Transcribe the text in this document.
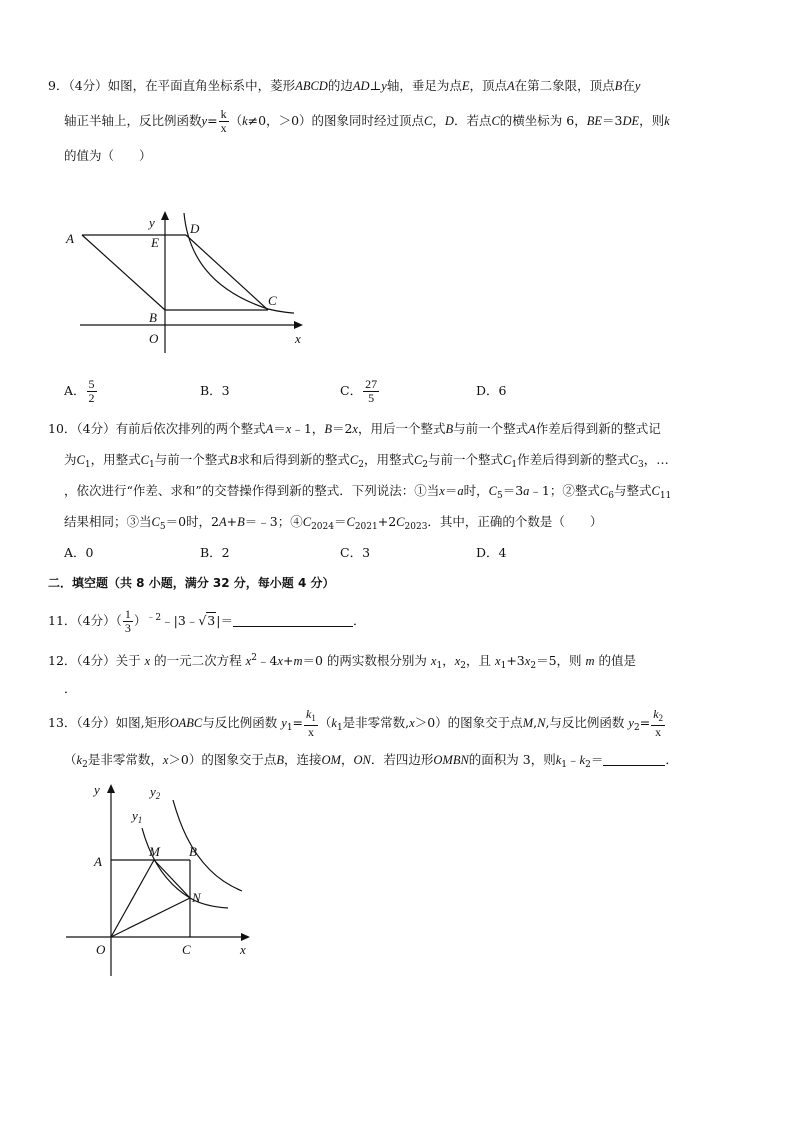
9．（4分）如图，在平面直角坐标系中，菱形ABCD的边AD⊥y轴，垂足为点E，顶点A在第二象限，顶点B在y
轴正半轴上，反比例函数$y= \frac{k}{x} (k\ne 0$，＞0）的图象同时经过顶点C，D．若点C的横坐标为 6，BE＝3DE，则k
的值为（　　）
A	E
D
y
C
B
O	x
A． $\frac{5}{2}$	B．3	C． $\frac{27}{5}$	D．6
10．（4分）有前后依次排列的两个整式A＝x﹣1，B＝2x，用后一个整式B与前一个整式A作差后得到新的整式记
为$C_1$，用整式$C_1$与前一个整式B求和后得到新的整式$C_2$，用整式$C_2$与前一个整式$C_1$作差后得到新的整式$C_3$，…
，依次进行“作差、求和”的交替操作得到新的整式．下列说法：①当x＝a时，$C_5=3a﹣1$；②整式$C_6$与整式$C_{11}$
结果相同；③当$C_5=0$时，2A+B＝﹣3；$④C_{2024}=C_{2021}+2C_{2023}$．其中，正确的个数是（　　）
A．0	B．2	C．3	D．4
二．填空题（共 8 小题，满分 32 分，每小题 4 分）
11．（4分）（ $\frac{1}{3}$ ）$^{﹣2}$﹣|3﹣√3|＝	．
12．（4分）关于 x 的一元二次方程 $x^2﹣4x+m=0$ 的两实数根分别为 $x_1$，$x_2$，且 $x_1+3x_2=5$，则 m 的值是
．
13．（4分）如图,矩形OABC与反比例函数 $y_1= \frac{k_1}{x} (k_1$是非零常数,x＞0）的图象交于点M,N,与反比例函数 $y_2= \frac{k_2}{x}$
（$k_2$是非零常数，x＞0）的图象交于点B，连接OM，ON．若四边形OMBN的面积为 3，则$k_1﹣k_2=$	．
y	$y_2$
$y_1$
A
M B
N
O	C	x
